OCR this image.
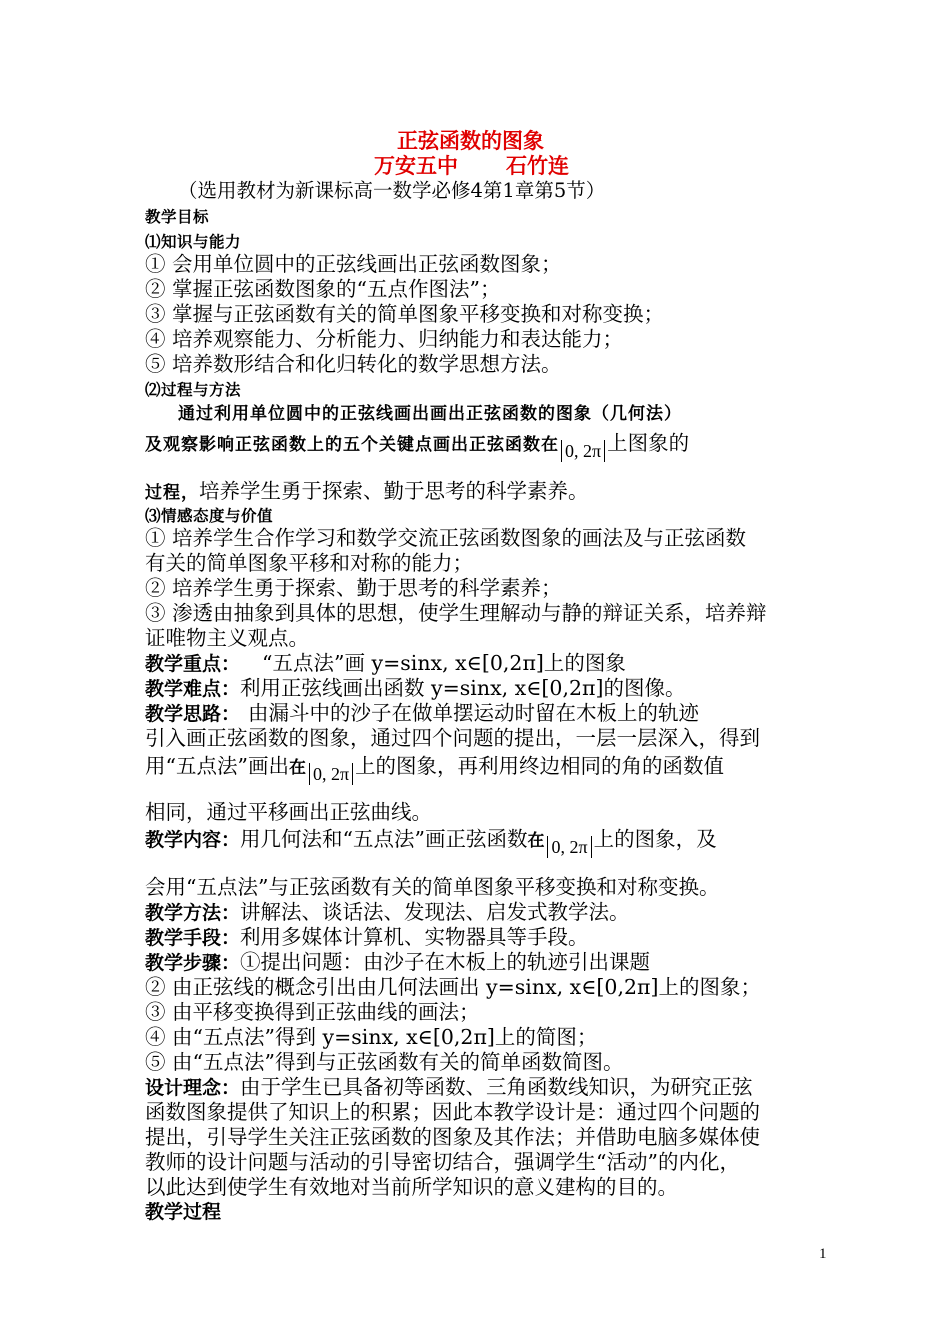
正弦函数的图象
万安五中 石竹连
（选用教材为新课标高一数学必修4第1章第5节）
教学目标
⑴知识与能力
① 会用单位圆中的正弦线画出正弦函数图象；
② 掌握正弦函数图象的“五点作图法”；
③ 掌握与正弦函数有关的简单图象平移变换和对称变换；
④ 培养观察能力、分析能力、归纳能力和表达能力；
⑤ 培养数形结合和化归转化的数学思想方法。
⑵过程与方法
通过利用单位圆中的正弦线画出画出正弦函数的图象（几何法）
及观察影响正弦函数上的五个关键点画出正弦函数在 0, 2π 上图象的
过程，培养学生勇于探索、勤于思考的科学素养。
⑶情感态度与价值
① 培养学生合作学习和数学交流正弦函数图象的画法及与正弦函数
有关的简单图象平移和对称的能力；
② 培养学生勇于探索、勤于思考的科学素养；
③ 渗透由抽象到具体的思想，使学生理解动与静的辩证关系，培养辩
证唯物主义观点。
教学重点： “五点法”画 y=sinx, x∈[0,2π]上的图象
教学难点：利用正弦线画出函数 y=sinx, x∈[0,2π]的图像。
教学思路： 由漏斗中的沙子在做单摆运动时留在木板上的轨迹
引入画正弦函数的图象，通过四个问题的提出，一层一层深入，得到
用“五点法”画出在 0, 2π 上的图象，再利用终边相同的角的函数值
相同，通过平移画出正弦曲线。
教学内容：用几何法和“五点法”画正弦函数在 0, 2π 上的图象，及
会用“五点法”与正弦函数有关的简单图象平移变换和对称变换。
教学方法：讲解法、谈话法、发现法、启发式教学法。
教学手段：利用多媒体计算机、实物器具等手段。
教学步骤：①提出问题：由沙子在木板上的轨迹引出课题
② 由正弦线的概念引出由几何法画出 y=sinx, x∈[0,2π]上的图象；
③ 由平移变换得到正弦曲线的画法；
④ 由“五点法”得到 y=sinx, x∈[0,2π]上的简图；
⑤ 由“五点法”得到与正弦函数有关的简单函数简图。
设计理念：由于学生已具备初等函数、三角函数线知识，为研究正弦
函数图象提供了知识上的积累；因此本教学设计是：通过四个问题的
提出，引导学生关注正弦函数的图象及其作法；并借助电脑多媒体使
教师的设计问题与活动的引导密切结合，强调学生“活动”的内化，
以此达到使学生有效地对当前所学知识的意义建构的目的。
教学过程
1
